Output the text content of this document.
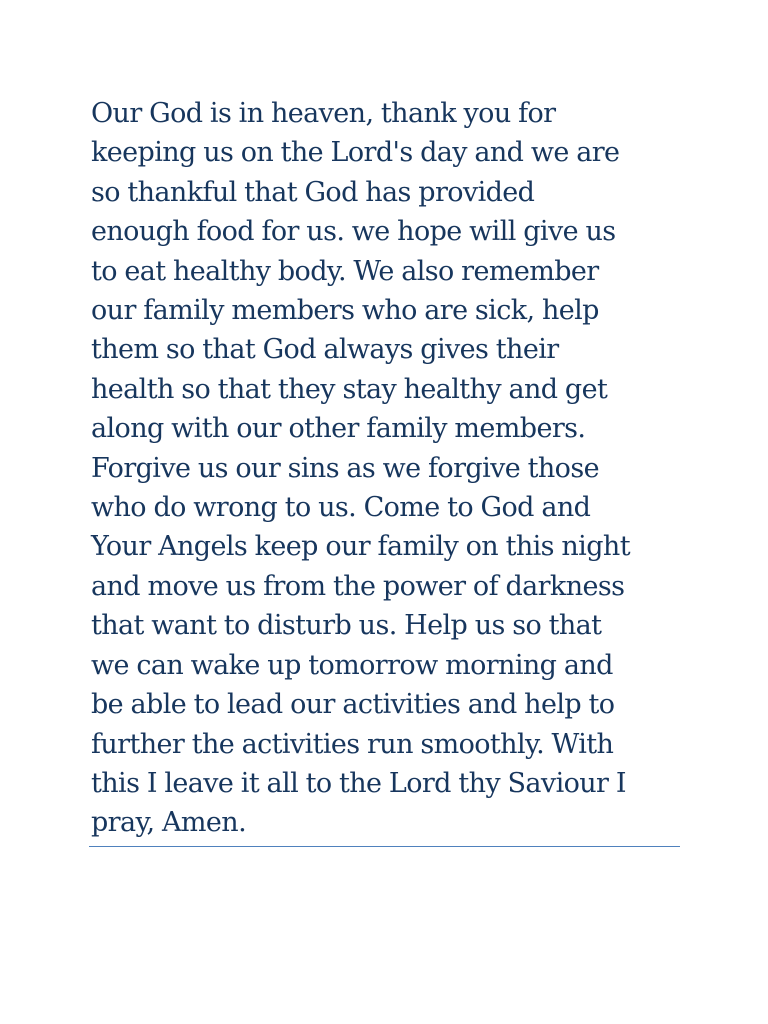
Our God is in heaven, thank you for
keeping us on the Lord's day and we are
so thankful that God has provided
enough food for us. we hope will give us
to eat healthy body. We also remember
our family members who are sick, help
them so that God always gives their
health so that they stay healthy and get
along with our other family members.
Forgive us our sins as we forgive those
who do wrong to us. Come to God and
Your Angels keep our family on this night
and move us from the power of darkness
that want to disturb us. Help us so that
we can wake up tomorrow morning and
be able to lead our activities and help to
further the activities run smoothly. With
this I leave it all to the Lord thy Saviour I
pray, Amen.
